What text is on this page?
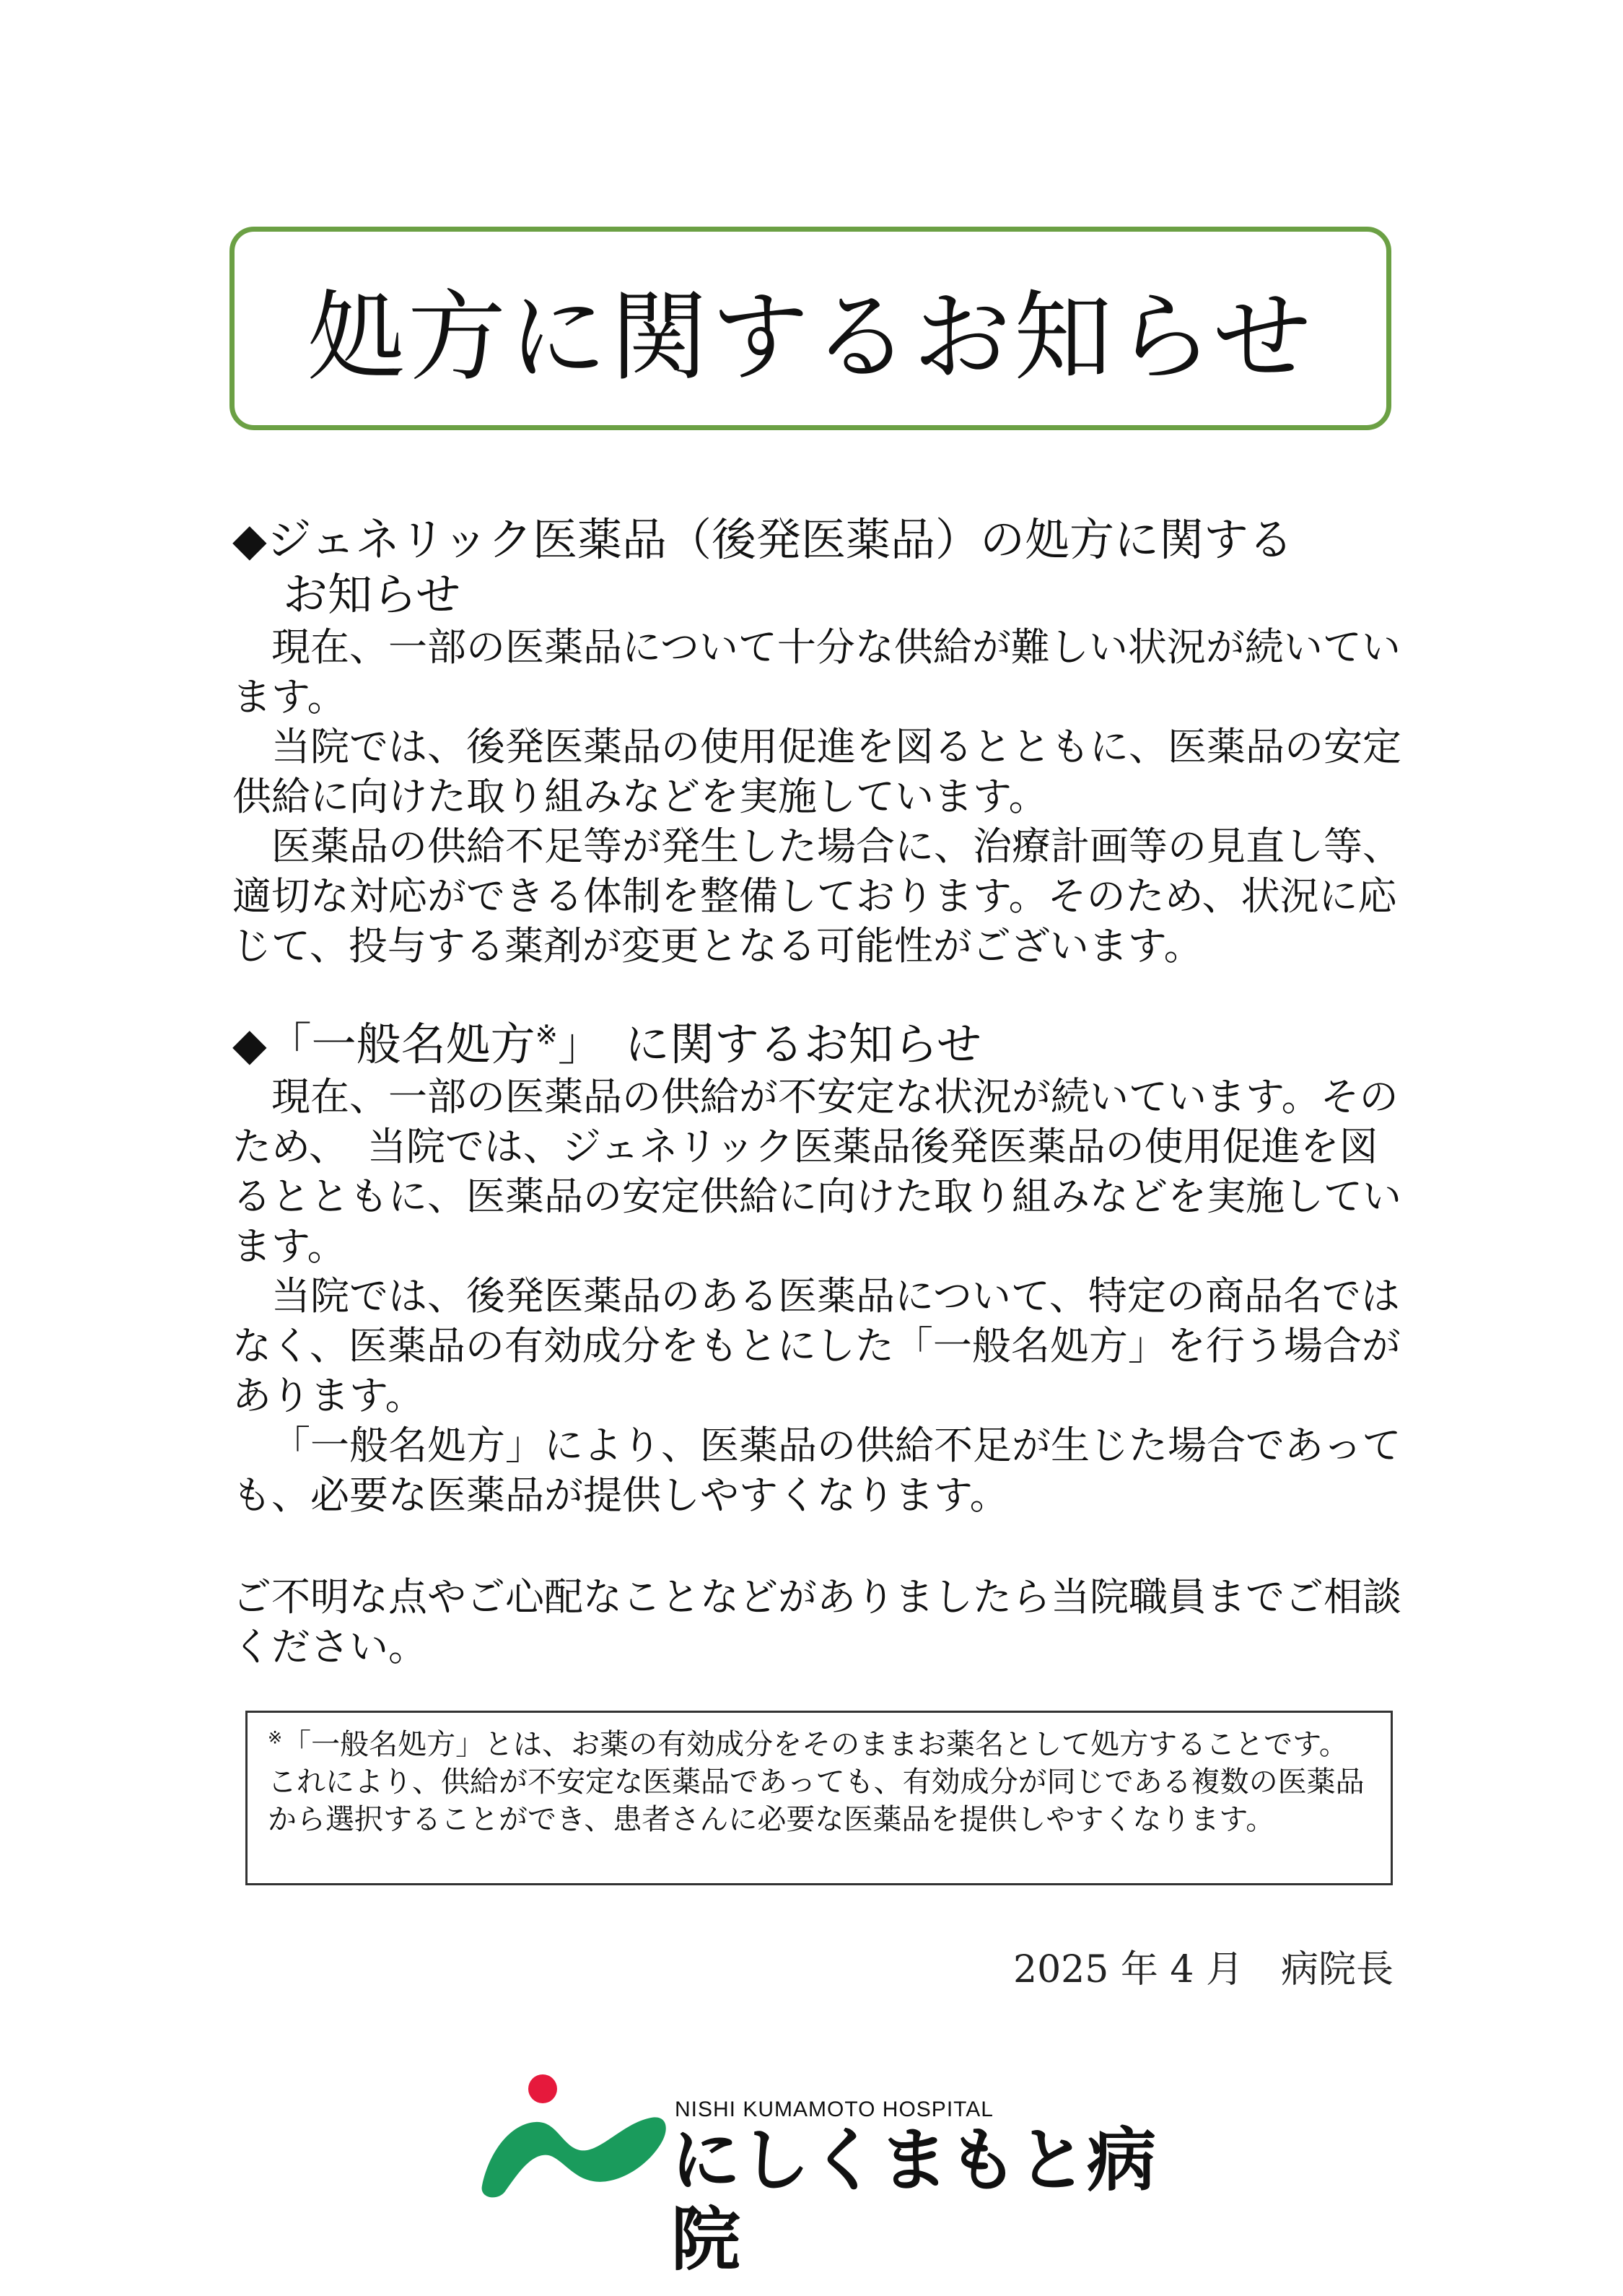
処方に関するお知らせ
◆ジェネリック医薬品（後発医薬品）の処方に関する
お知らせ

現在、一部の医薬品について十分な供給が難しい状況が続いています。

当院では、後発医薬品の使用促進を図るとともに、医薬品の安定供給に向けた取り組みなどを実施しています。

医薬品の供給不足等が発生した場合に、治療計画等の見直し等、適切な対応ができる体制を整備しております。そのため、状況に応じて、投与する薬剤が変更となる可能性がございます。

◆「一般名処方※」　に関するお知らせ

現在、一部の医薬品の供給が不安定な状況が続いています。そのため、　当院では、ジェネリック医薬品後発医薬品の使用促進を図るとともに、医薬品の安定供給に向けた取り組みなどを実施しています。

当院では、後発医薬品のある医薬品について、特定の商品名ではなく、医薬品の有効成分をもとにした「一般名処方」を行う場合があります。

「一般名処方」により、医薬品の供給不足が生じた場合であっても、必要な医薬品が提供しやすくなります。

ご不明な点やご心配なことなどがありましたら当院職員までご相談ください。

※「一般名処方」とは、お薬の有効成分をそのままお薬名として処方することです。これにより、供給が不安定な医薬品であっても、有効成分が同じである複数の医薬品から選択することができ、患者さんに必要な医薬品を提供しやすくなります。

2025 年 4 月　病院長
NISHI KUMAMOTO HOSPITAL
にしくまもと病院
